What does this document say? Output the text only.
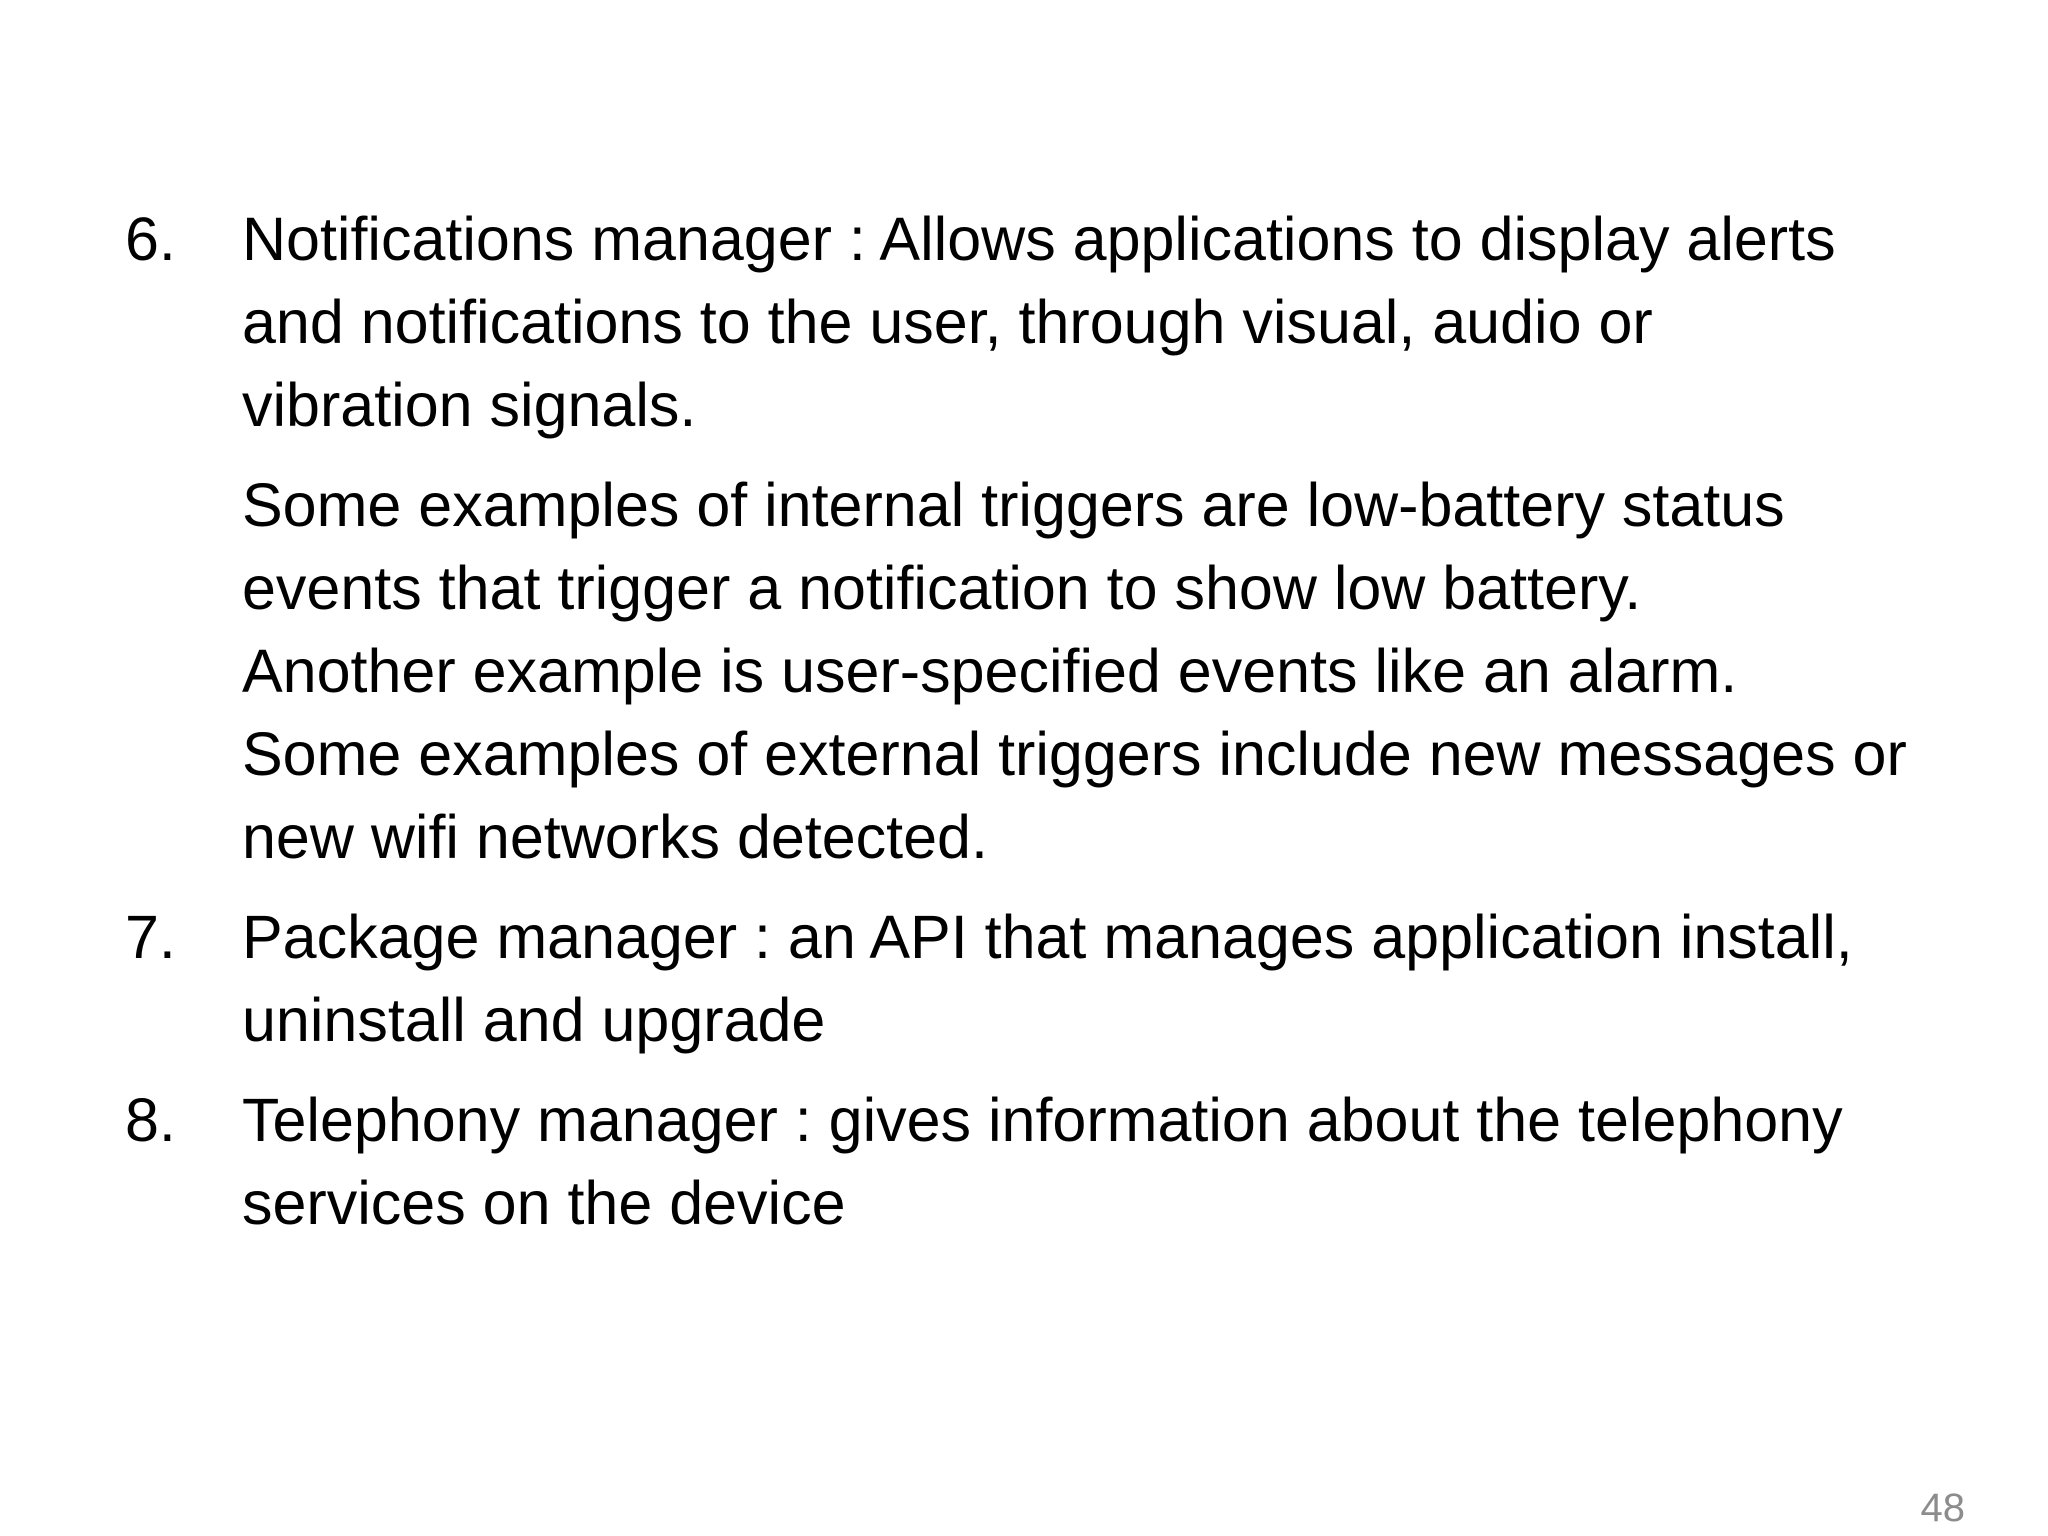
6. Notifications manager : Allows applications to display alerts
and notifications to the user, through visual, audio or
vibration signals.
Some examples of internal triggers are low-battery status
events that trigger a notification to show low battery.
Another example is user-specified events like an alarm.
Some examples of external triggers include new messages or
new wifi networks detected.
7. Package manager : an API that manages application install,
uninstall and upgrade
8. Telephony manager : gives information about the telephony
services on the device
48
